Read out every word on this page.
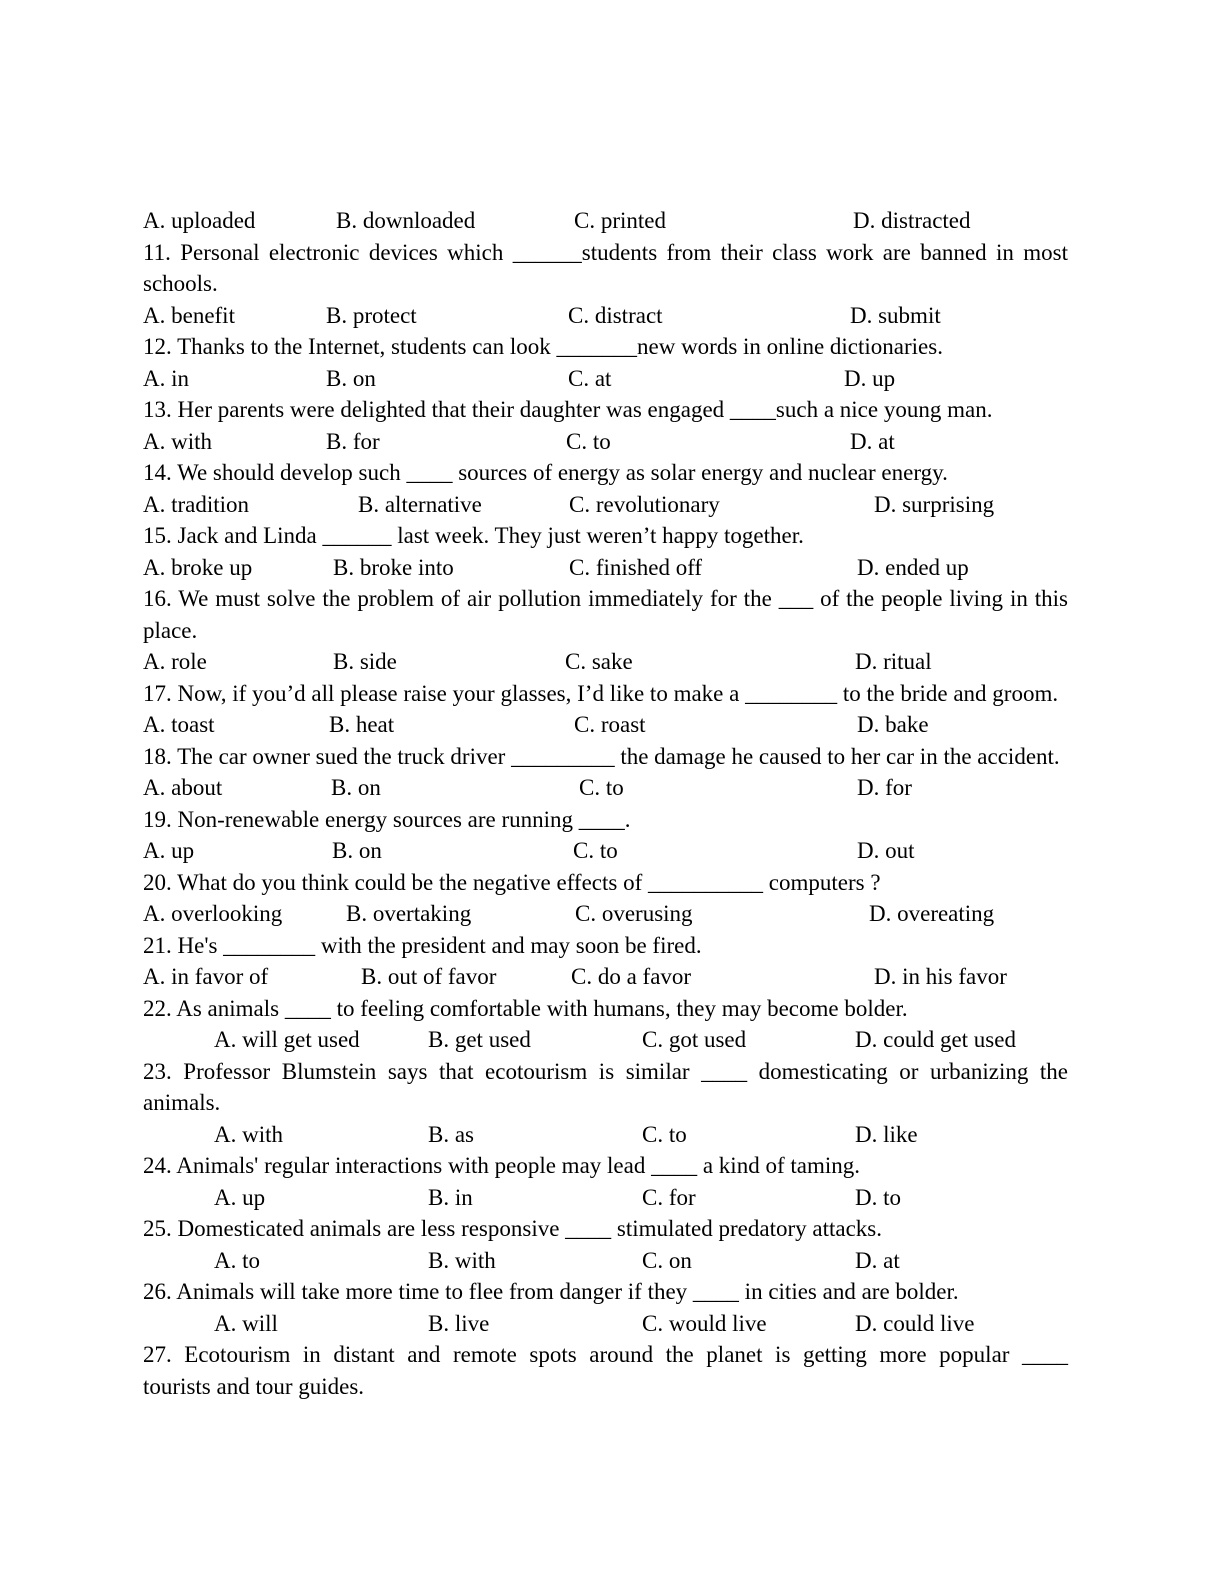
A. uploaded	B. downloaded	C. printed	D. distracted
11. Personal electronic devices which ______students from their class work are banned in most
schools.
A. benefit	B. protect	C. distract	D. submit
12. Thanks to the Internet, students can look _______new words in online dictionaries.
A. in	B. on	C. at	D. up
13. Her parents were delighted that their daughter was engaged ____such a nice young man.
A. with	B. for	C. to	D. at
14. We should develop such ____ sources of energy as solar energy and nuclear energy.
A. tradition	B. alternative	C. revolutionary	D. surprising
15. Jack and Linda ______ last week. They just weren’t happy together.
A. broke up	B. broke into	C. finished off	D. ended up
16. We must solve the problem of air pollution immediately for the ___ of the people living in this
place.
A. role	B. side	C. sake	D. ritual
17. Now, if you’d all please raise your glasses, I’d like to make a ________ to the bride and groom.
A. toast	B. heat	C. roast	D. bake
18. The car owner sued the truck driver _________ the damage he caused to her car in the accident.
A. about	B. on	C. to	D. for
19. Non-renewable energy sources are running ____.
A. up	B. on	C. to	D. out
20. What do you think could be the negative effects of __________ computers ?
A. overlooking	B. overtaking	C. overusing	D. overeating
21. He's ________ with the president and may soon be fired.
A. in favor of	B. out of favor	C. do a favor	D. in his favor
22. As animals ____ to feeling comfortable with humans, they may become bolder.
A. will get used	B. get used	C. got used	D. could get used
23. Professor Blumstein says that ecotourism is similar ____ domesticating or urbanizing the
animals.
A. with	B. as	C. to	D. like
24. Animals' regular interactions with people may lead ____ a kind of taming.
A. up	B. in	C. for	D. to
25. Domesticated animals are less responsive ____ stimulated predatory attacks.
A. to	B. with	C. on	D. at
26. Animals will take more time to flee from danger if they ____ in cities and are bolder.
A. will	B. live	C. would live	D. could live
27. Ecotourism in distant and remote spots around the planet is getting more popular ____
tourists and tour guides.
